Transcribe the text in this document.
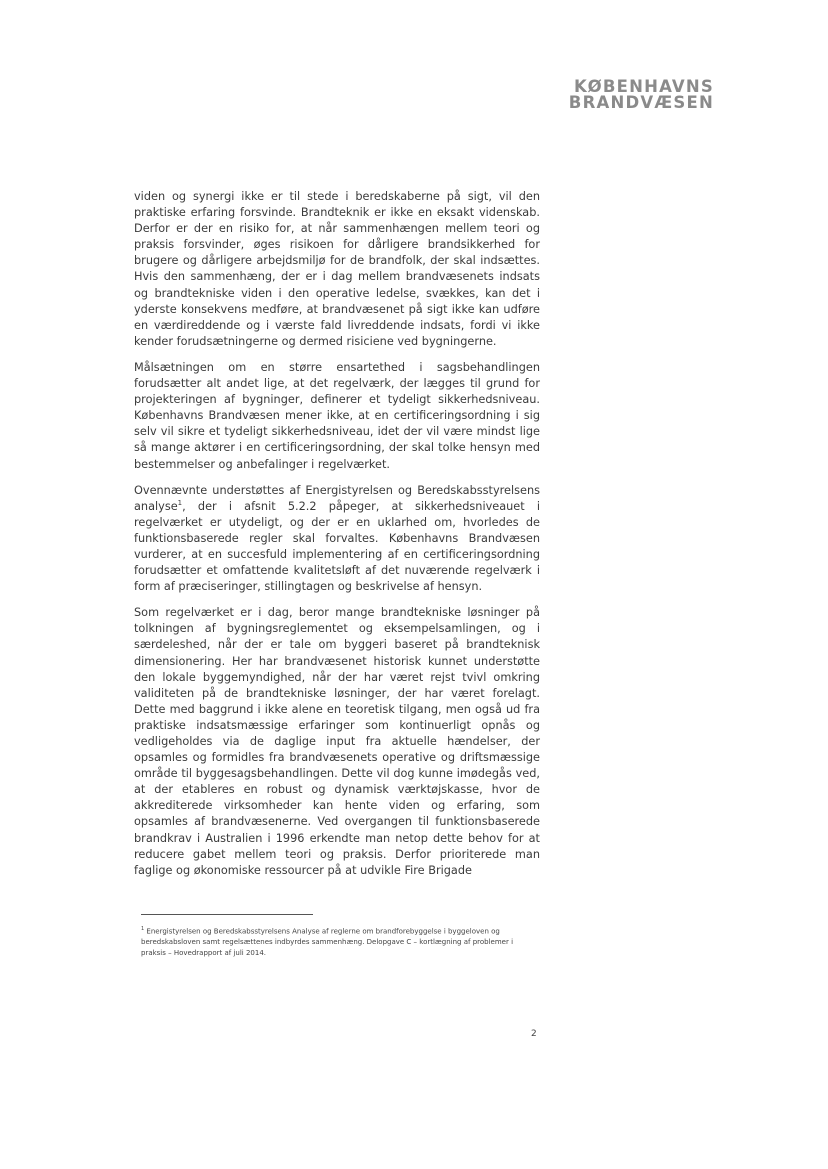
KØBENHAVNS
BRANDVÆSEN

viden og synergi ikke er til stede i beredskaberne på sigt, vil den praktiske erfaring forsvinde. Brandteknik er ikke en eksakt videnskab. Derfor er der en risiko for, at når sammenhængen mellem teori og praksis forsvinder, øges risikoen for dårligere brandsikkerhed for brugere og dårligere arbejdsmiljø for de brandfolk, der skal indsættes. Hvis den sammenhæng, der er i dag mellem brandvæsenets indsats og brandtekniske viden i den operative ledelse, svækkes, kan det i yderste konsekvens medføre, at brandvæsenet på sigt ikke kan udføre en værdireddende og i værste fald livreddende indsats, fordi vi ikke kender forudsætningerne og dermed risiciene ved bygningerne.

Målsætningen om en større ensartethed i sagsbehandlingen forudsætter alt andet lige, at det regelværk, der lægges til grund for projekteringen af bygninger, definerer et tydeligt sikkerhedsniveau. Københavns Brandvæsen mener ikke, at en certificeringsordning i sig selv vil sikre et tydeligt sikkerhedsniveau, idet der vil være mindst lige så mange aktører i en certificeringsordning, der skal tolke hensyn med bestemmelser og anbefalinger i regelværket.

Ovennævnte understøttes af Energistyrelsen og Beredskabsstyrelsens analyse$^1$, der i afsnit 5.2.2 påpeger, at sikkerhedsniveauet i regelværket er utydeligt, og der er en uklarhed om, hvorledes de funktionsbaserede regler skal forvaltes. Københavns Brandvæsen vurderer, at en succesfuld implementering af en certificeringsordning forudsætter et omfattende kvalitetsløft af det nuværende regelværk i form af præciseringer, stillingtagen og beskrivelse af hensyn.

Som regelværket er i dag, beror mange brandtekniske løsninger på tolkningen af bygningsreglementet og eksempelsamlingen, og i særdeleshed, når der er tale om byggeri baseret på brandteknisk dimensionering. Her har brandvæsenet historisk kunnet understøtte den lokale byggemyndighed, når der har været rejst tvivl omkring validiteten på de brandtekniske løsninger, der har været forelagt. Dette med baggrund i ikke alene en teoretisk tilgang, men også ud fra praktiske indsatsmæssige erfaringer som kontinuerligt opnås og vedligeholdes via de daglige input fra aktuelle hændelser, der opsamles og formidles fra brandvæsenets operative og driftsmæssige område til byggesagsbehandlingen. Dette vil dog kunne imødegås ved, at der etableres en robust og dynamisk værktøjskasse, hvor de akkrediterede virksomheder kan hente viden og erfaring, som opsamles af brandvæsenerne. Ved overgangen til funktionsbaserede brandkrav i Australien i 1996 erkendte man netop dette behov for at reducere gabet mellem teori og praksis. Derfor prioriterede man faglige og økonomiske ressourcer på at udvikle Fire Brigade

$^1$ Energistyrelsen og Beredskabsstyrelsens Analyse af reglerne om brandforebyggelse i byggeloven og beredskabsloven samt regelsættenes indbyrdes sammenhæng. Delopgave C – kortlægning af problemer i praksis – Hovedrapport af juli 2014.
2
